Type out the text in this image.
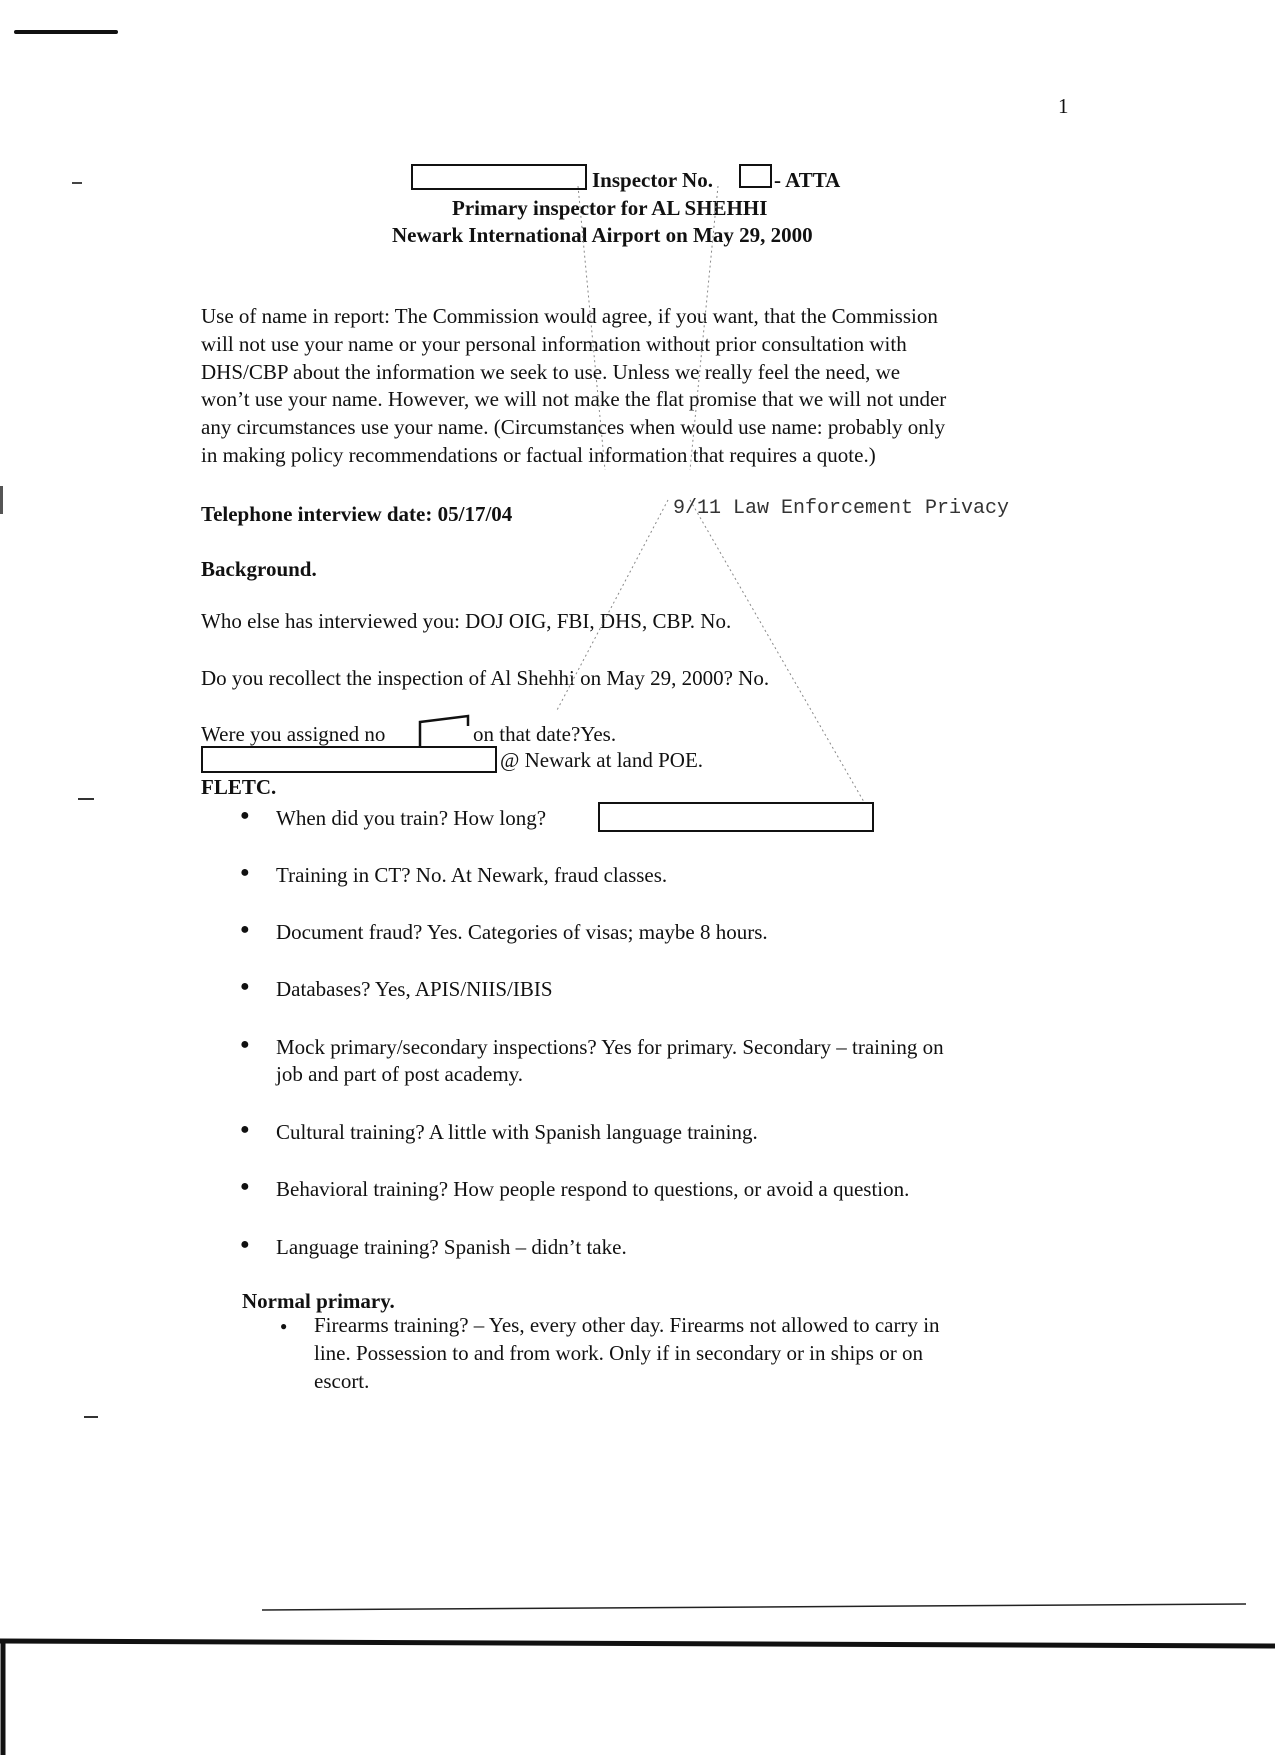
1
Inspector No.	- ATTA
Primary inspector for AL SHEHHI
Newark International Airport on May 29, 2000
Use of name in report: The Commission would agree, if you want, that the Commission
will not use your name or your personal information without prior consultation with
DHS/CBP about the information we seek to use. Unless we really feel the need, we
won’t use your name. However, we will not make the flat promise that we will not under
any circumstances use your name. (Circumstances when would use name: probably only
in making policy recommendations or factual information that requires a quote.)
Telephone interview date: 05/17/04	9/11 Law Enforcement Privacy
Background.
Who else has interviewed you: DOJ OIG, FBI, DHS, CBP. No.
Do you recollect the inspection of Al Shehhi on May 29, 2000? No.
Were you assigned no	on that date?Yes.
@ Newark at land POE.
FLETC.
● When did you train? How long?
● Training in CT? No. At Newark, fraud classes.
● Document fraud? Yes. Categories of visas; maybe 8 hours.
● Databases? Yes, APIS/NIIS/IBIS
● Mock primary/secondary inspections? Yes for primary. Secondary – training on
job and part of post academy.
● Cultural training? A little with Spanish language training.
● Behavioral training? How people respond to questions, or avoid a question.
● Language training? Spanish – didn’t take.
Normal primary.
● Firearms training? – Yes, every other day. Firearms not allowed to carry in
line. Possession to and from work. Only if in secondary or in ships or on
escort.
